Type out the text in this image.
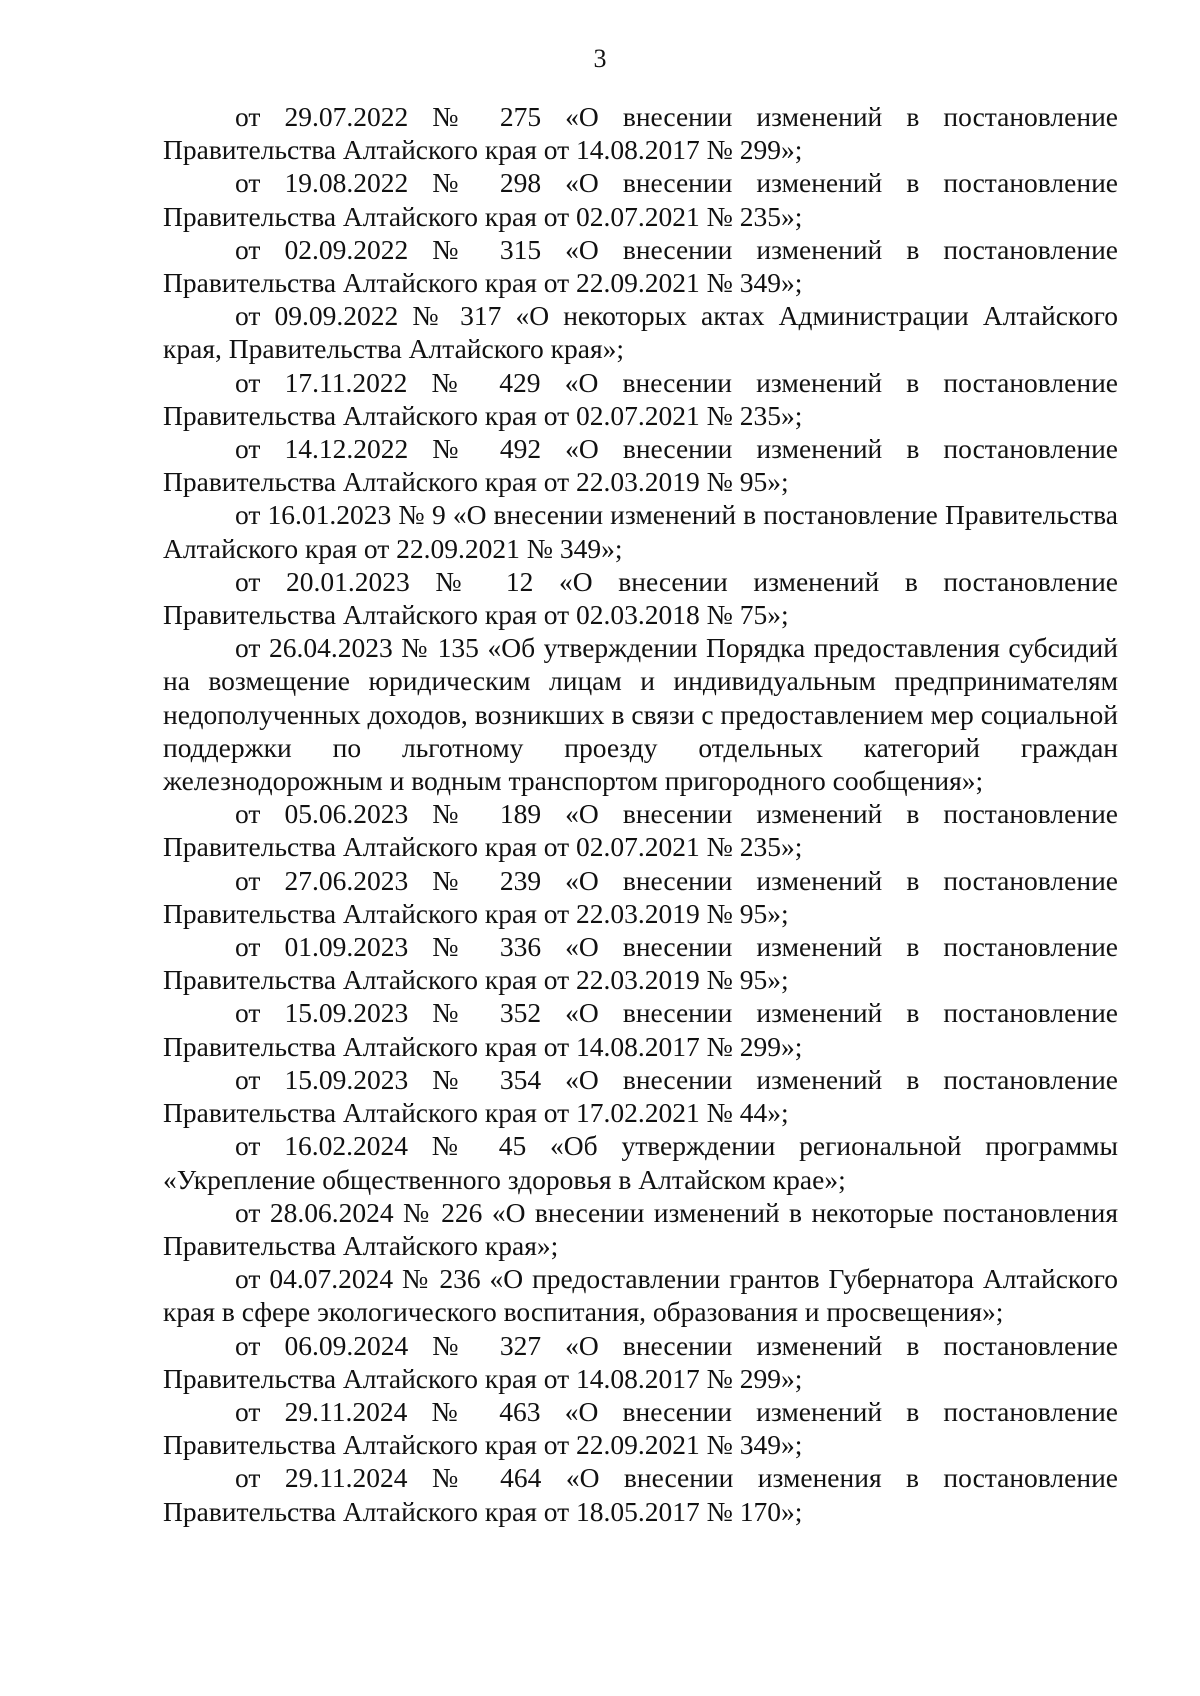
3

от 29.07.2022 № 275 «О внесении изменений в постановление Правительства Алтайского края от 14.08.2017 № 299»;

от 19.08.2022 № 298 «О внесении изменений в постановление Правительства Алтайского края от 02.07.2021 № 235»;

от 02.09.2022 № 315 «О внесении изменений в постановление Правительства Алтайского края от 22.09.2021 № 349»;

от 09.09.2022 № 317 «О некоторых актах Администрации Алтайского края, Правительства Алтайского края»;

от 17.11.2022 № 429 «О внесении изменений в постановление Правительства Алтайского края от 02.07.2021 № 235»;

от 14.12.2022 № 492 «О внесении изменений в постановление Правительства Алтайского края от 22.03.2019 № 95»;

от 16.01.2023 № 9 «О внесении изменений в постановление Правительства Алтайского края от 22.09.2021 № 349»;

от 20.01.2023 № 12 «О внесении изменений в постановление Правительства Алтайского края от 02.03.2018 № 75»;

от 26.04.2023 № 135 «Об утверждении Порядка предоставления субсидий на возмещение юридическим лицам и индивидуальным предпринимателям недополученных доходов, возникших в связи с предоставлением мер социальной поддержки по льготному проезду отдельных категорий граждан железнодорожным и водным транспортом пригородного сообщения»;

от 05.06.2023 № 189 «О внесении изменений в постановление Правительства Алтайского края от 02.07.2021 № 235»;

от 27.06.2023 № 239 «О внесении изменений в постановление Правительства Алтайского края от 22.03.2019 № 95»;

от 01.09.2023 № 336 «О внесении изменений в постановление Правительства Алтайского края от 22.03.2019 № 95»;

от 15.09.2023 № 352 «О внесении изменений в постановление Правительства Алтайского края от 14.08.2017 № 299»;

от 15.09.2023 № 354 «О внесении изменений в постановление Правительства Алтайского края от 17.02.2021 № 44»;

от 16.02.2024 № 45 «Об утверждении региональной программы «Укрепление общественного здоровья в Алтайском крае»;

от 28.06.2024 № 226 «О внесении изменений в некоторые постановления Правительства Алтайского края»;

от 04.07.2024 № 236 «О предоставлении грантов Губернатора Алтайского края в сфере экологического воспитания, образования и просвещения»;

от 06.09.2024 № 327 «О внесении изменений в постановление Правительства Алтайского края от 14.08.2017 № 299»;

от 29.11.2024 № 463 «О внесении изменений в постановление Правительства Алтайского края от 22.09.2021 № 349»;

от 29.11.2024 № 464 «О внесении изменения в постановление Правительства Алтайского края от 18.05.2017 № 170»;
